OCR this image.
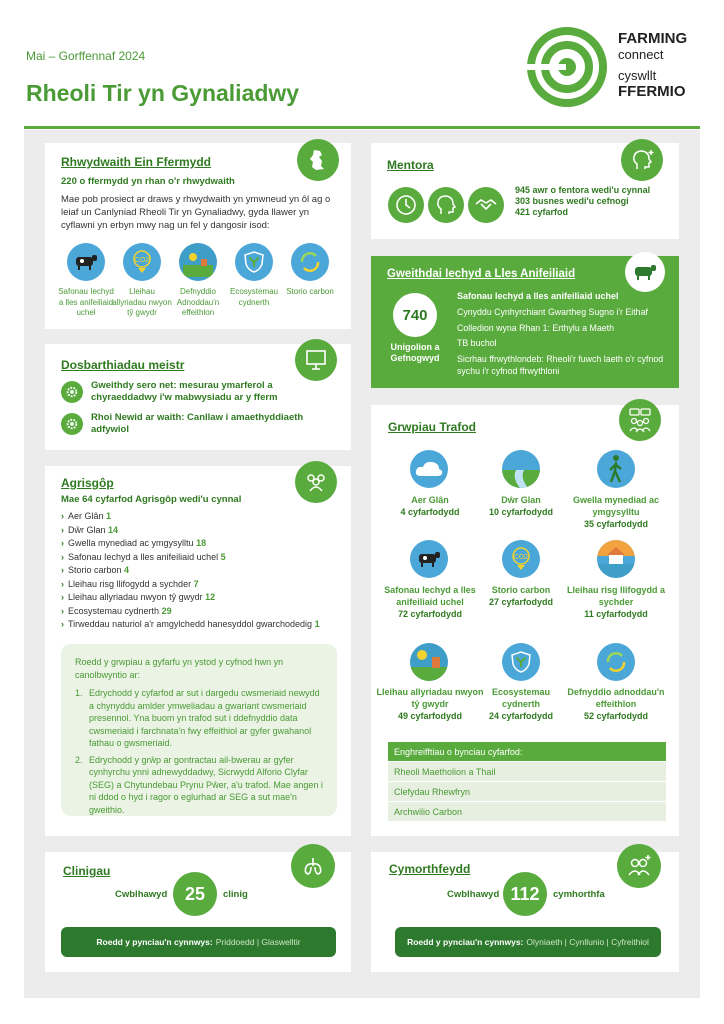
Mai – Gorffennaf 2024
Rheoli Tir yn Gynaliadwy
FARMING
connect
cyswllt
FFERMIO
Rhwydwaith Ein Ffermydd
220 o ffermydd yn rhan o'r rhwydwaith
Mae pob prosiect ar draws y rhwydwaith yn ymwneud yn ôl ag o leiaf un Canlyniad Rheoli Tir yn Gynaliadwy, gyda llawer yn cyflawni yn erbyn mwy nag un fel y dangosir isod:
CO2
Safonau Iechyd a lles anifeiliaid uchel
Lleihau allyriadau nwyon tŷ gwydr
Defnyddio Adnoddau'n effeithlon
Ecosystemau cydnerth
Storio carbon
Dosbarthiadau meistr
Gweithdy sero net: mesurau ymarferol a chyraeddadwy i'w mabwysiadu ar y fferm
Rhoi Newid ar waith: Canllaw i amaethyddiaeth adfywiol
Agrisgôp
Mae 64 cyfarfod Agrisgôp wedi'u cynnal
› Aer Glân 1
› Dŵr Glan 14
› Gwella mynediad ac ymgysylltu 18
› Safonau Iechyd a lles anifeiliaid uchel 5
› Storio carbon 4
› Lleihau risg llifogydd a sychder 7
› Lleihau allyriadau nwyon tŷ gwydr 12
› Ecosystemau cydnerth 29
› Tirweddau naturiol a'r amgylchedd hanesyddol gwarchodedig 1
Roedd y grwpiau a gyfarfu yn ystod y cyfnod hwn yn canolbwyntio ar:
1. Edrychodd y cyfarfod ar sut i dargedu cwsmeriaid newydd a chynyddu amlder ymweliadau a gwariant cwsmeriaid presennol. Yna buom yn trafod sut i ddefnyddio data cwsmeriaid i farchnata'n fwy effeithiol ar gyfer gwahanol fathau o gwsmeriaid.
2. Edrychodd y grŵp ar gontractau ail-bwerau ar gyfer cynhyrchu ynni adnewyddadwy, Sicrwydd Alforio Clyfar (SEG) a Chytundebau Prynu Pŵer, a'u trafod. Mae angen i ni ddod o hyd i ragor o eglurhad ar SEG a sut mae'n gweithio.
Clinigau
Cwblhawyd 25	clinig
Roedd y pynciau'n cynnwys: Priddoedd | Glaswelltir
Mentora
945 awr o fentora wedi'u cynnal
303 busnes wedi'u cefnogi
421 cyfarfod
Gweithdai Iechyd a Lles Anifeiliaid
740
Unigolion a Gefnogwyd
Safonau Iechyd a lles anifeiliaid uchel
Cynyddu Cynhyrchiant Gwartheg Sugno i'r Eithaf
Colledion wyna Rhan 1: Erthylu a Maeth
TB buchol
Sicrhau ffrwythlondeb: Rheoli'r fuwch laeth o'r cyfnod sychu i'r cyfnod ffrwythloni
Grwpiau Trafod
Aer Glân
4 cyfarfodydd
Dŵr Glan
10 cyfarfodydd
Gwella mynediad ac ymgysylltu
35 cyfarfodydd
CO2
Safonau Iechyd a lles anifeiliaid uchel
72 cyfarfodydd
Storio carbon
27 cyfarfodydd
Lleihau risg llifogydd a sychder
11 cyfarfodydd
Lleihau allyriadau nwyon tŷ gwydr
49 cyfarfodydd
Ecosystemau cydnerth
24 cyfarfodydd
Defnyddio adnoddau'n effeithlon
52 cyfarfodydd
Enghreifftiau o bynciau cyfarfod:
Rheoli Maetholion a Thail
Clefydau Rhewfryn
Archwilio Carbon
Cymorthfeydd
Cwblhawyd 112	cymhorthfa
Roedd y pynciau'n cynnwys: Olyniaeth | Cynllunio | Cyfreithiol
